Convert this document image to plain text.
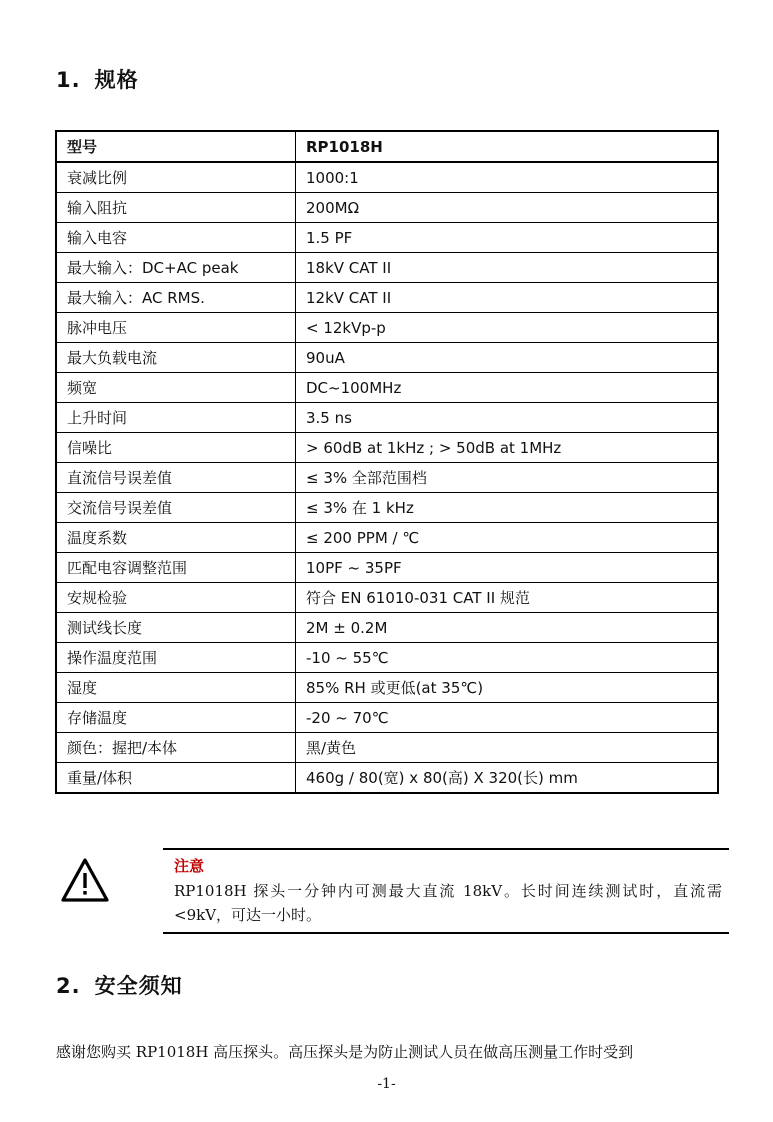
1. 规格
型号	RP1018H
衰减比例	1000:1
输入阻抗	200MΩ
输入电容	1.5 PF
最大输入：DC+AC peak	18kV CAT II
最大输入：AC RMS.	12kV CAT II
脉冲电压	< 12kVp-p
最大负载电流	90uA
频宽	DC~100MHz
上升时间	3.5 ns
信噪比	> 60dB at 1kHz ; > 50dB at 1MHz
直流信号误差值	≤ 3% 全部范围档
交流信号误差值	≤ 3% 在 1 kHz
温度系数	≤ 200 PPM / ℃
匹配电容调整范围	10PF ~ 35PF
安规检验	符合 EN 61010-031 CAT II 规范
测试线长度	2M ± 0.2M
操作温度范围	-10 ~ 55℃
湿度	85% RH 或更低(at 35℃)
存储温度	-20 ~ 70℃
颜色：握把/本体	黑/黄色
重量/体积	460g / 80(宽) x 80(高) X 320(长) mm
注意
RP1018H 探头一分钟内可测最大直流 18kV。长时间连续测试时，直流需<9kV，可达一小时。
2. 安全须知
感谢您购买 RP1018H 高压探头。高压探头是为防止测试人员在做高压测量工作时受到
-1-
